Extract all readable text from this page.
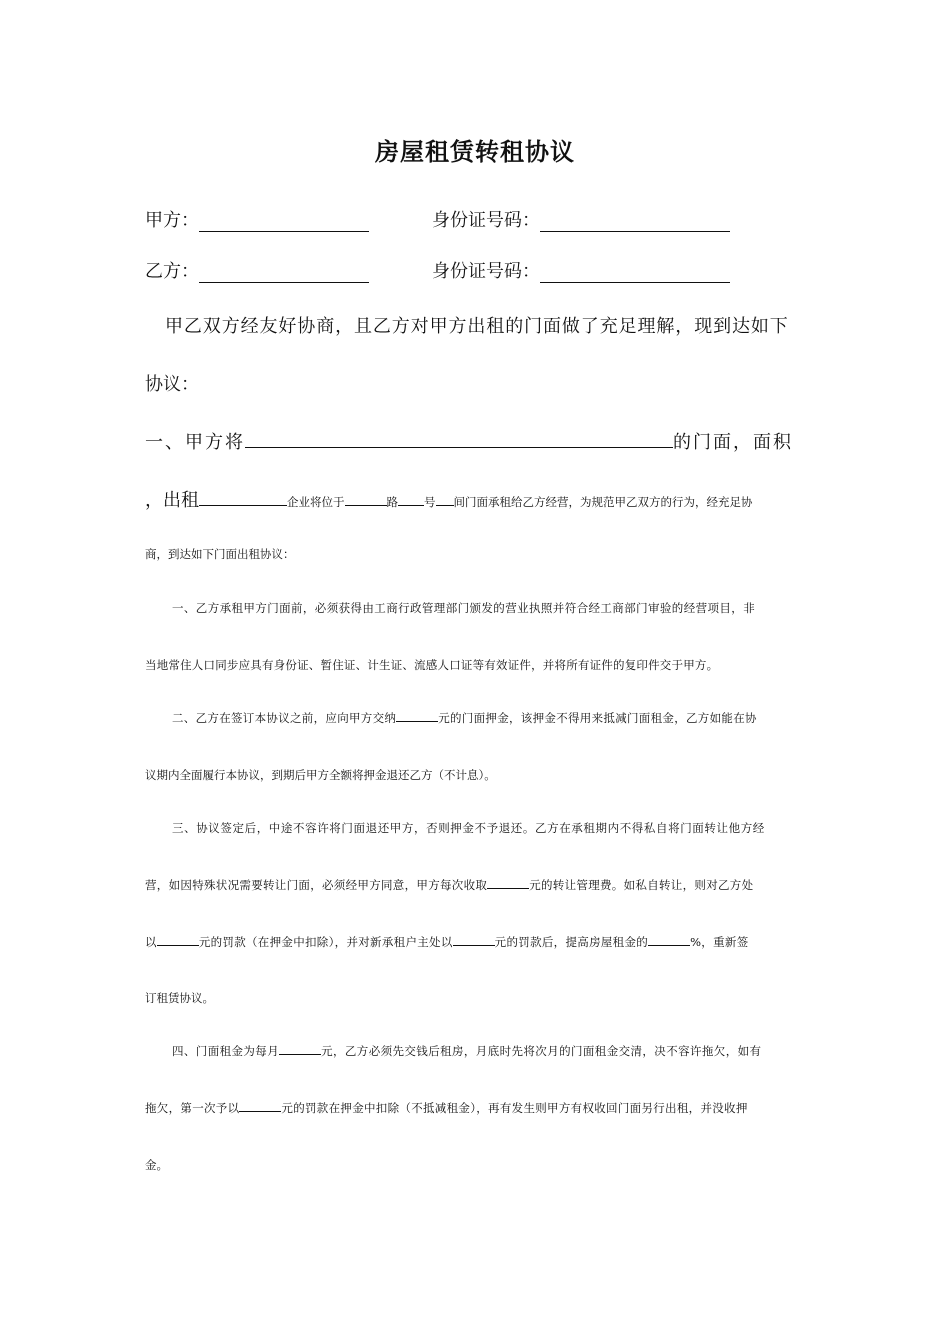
房屋租赁转租协议
甲方：	身份证号码：
乙方：	身份证号码：
甲乙双方经友好协商，且乙方对甲方出租的门面做了充足理解，现到达如下
协议：
一、甲方将	的门面，面积
，出租	企业将位于	路 号 间门面承租给乙方经营，为规范甲乙双方的行为，经充足协
商，到达如下门面出租协议：
一、乙方承租甲方门面前，必须获得由工商行政管理部门颁发的营业执照并符合经工商部门审验的经营项目，非
当地常住人口同步应具有身份证、暂住证、计生证、流感人口证等有效证件，并将所有证件的复印件交于甲方。
二、乙方在签订本协议之前，应向甲方交纳	元的门面押金，该押金不得用来抵减门面租金，乙方如能在协
议期内全面履行本协议，到期后甲方全额将押金退还乙方（不计息）。
三、协议签定后，中途不容许将门面退还甲方，否则押金不予退还。乙方在承租期内不得私自将门面转让他方经
营，如因特殊状况需要转让门面，必须经甲方同意，甲方每次收取	元的转让管理费。如私自转让，则对乙方处
以	元的罚款（在押金中扣除），并对新承租户主处以	元的罚款后，提高房屋租金的	%，重新签
订租赁协议。
四、门面租金为每月	元，乙方必须先交钱后租房，月底时先将次月的门面租金交清，决不容许拖欠，如有
拖欠，第一次予以	元的罚款在押金中扣除（不抵减租金），再有发生则甲方有权收回门面另行出租，并没收押
金。
